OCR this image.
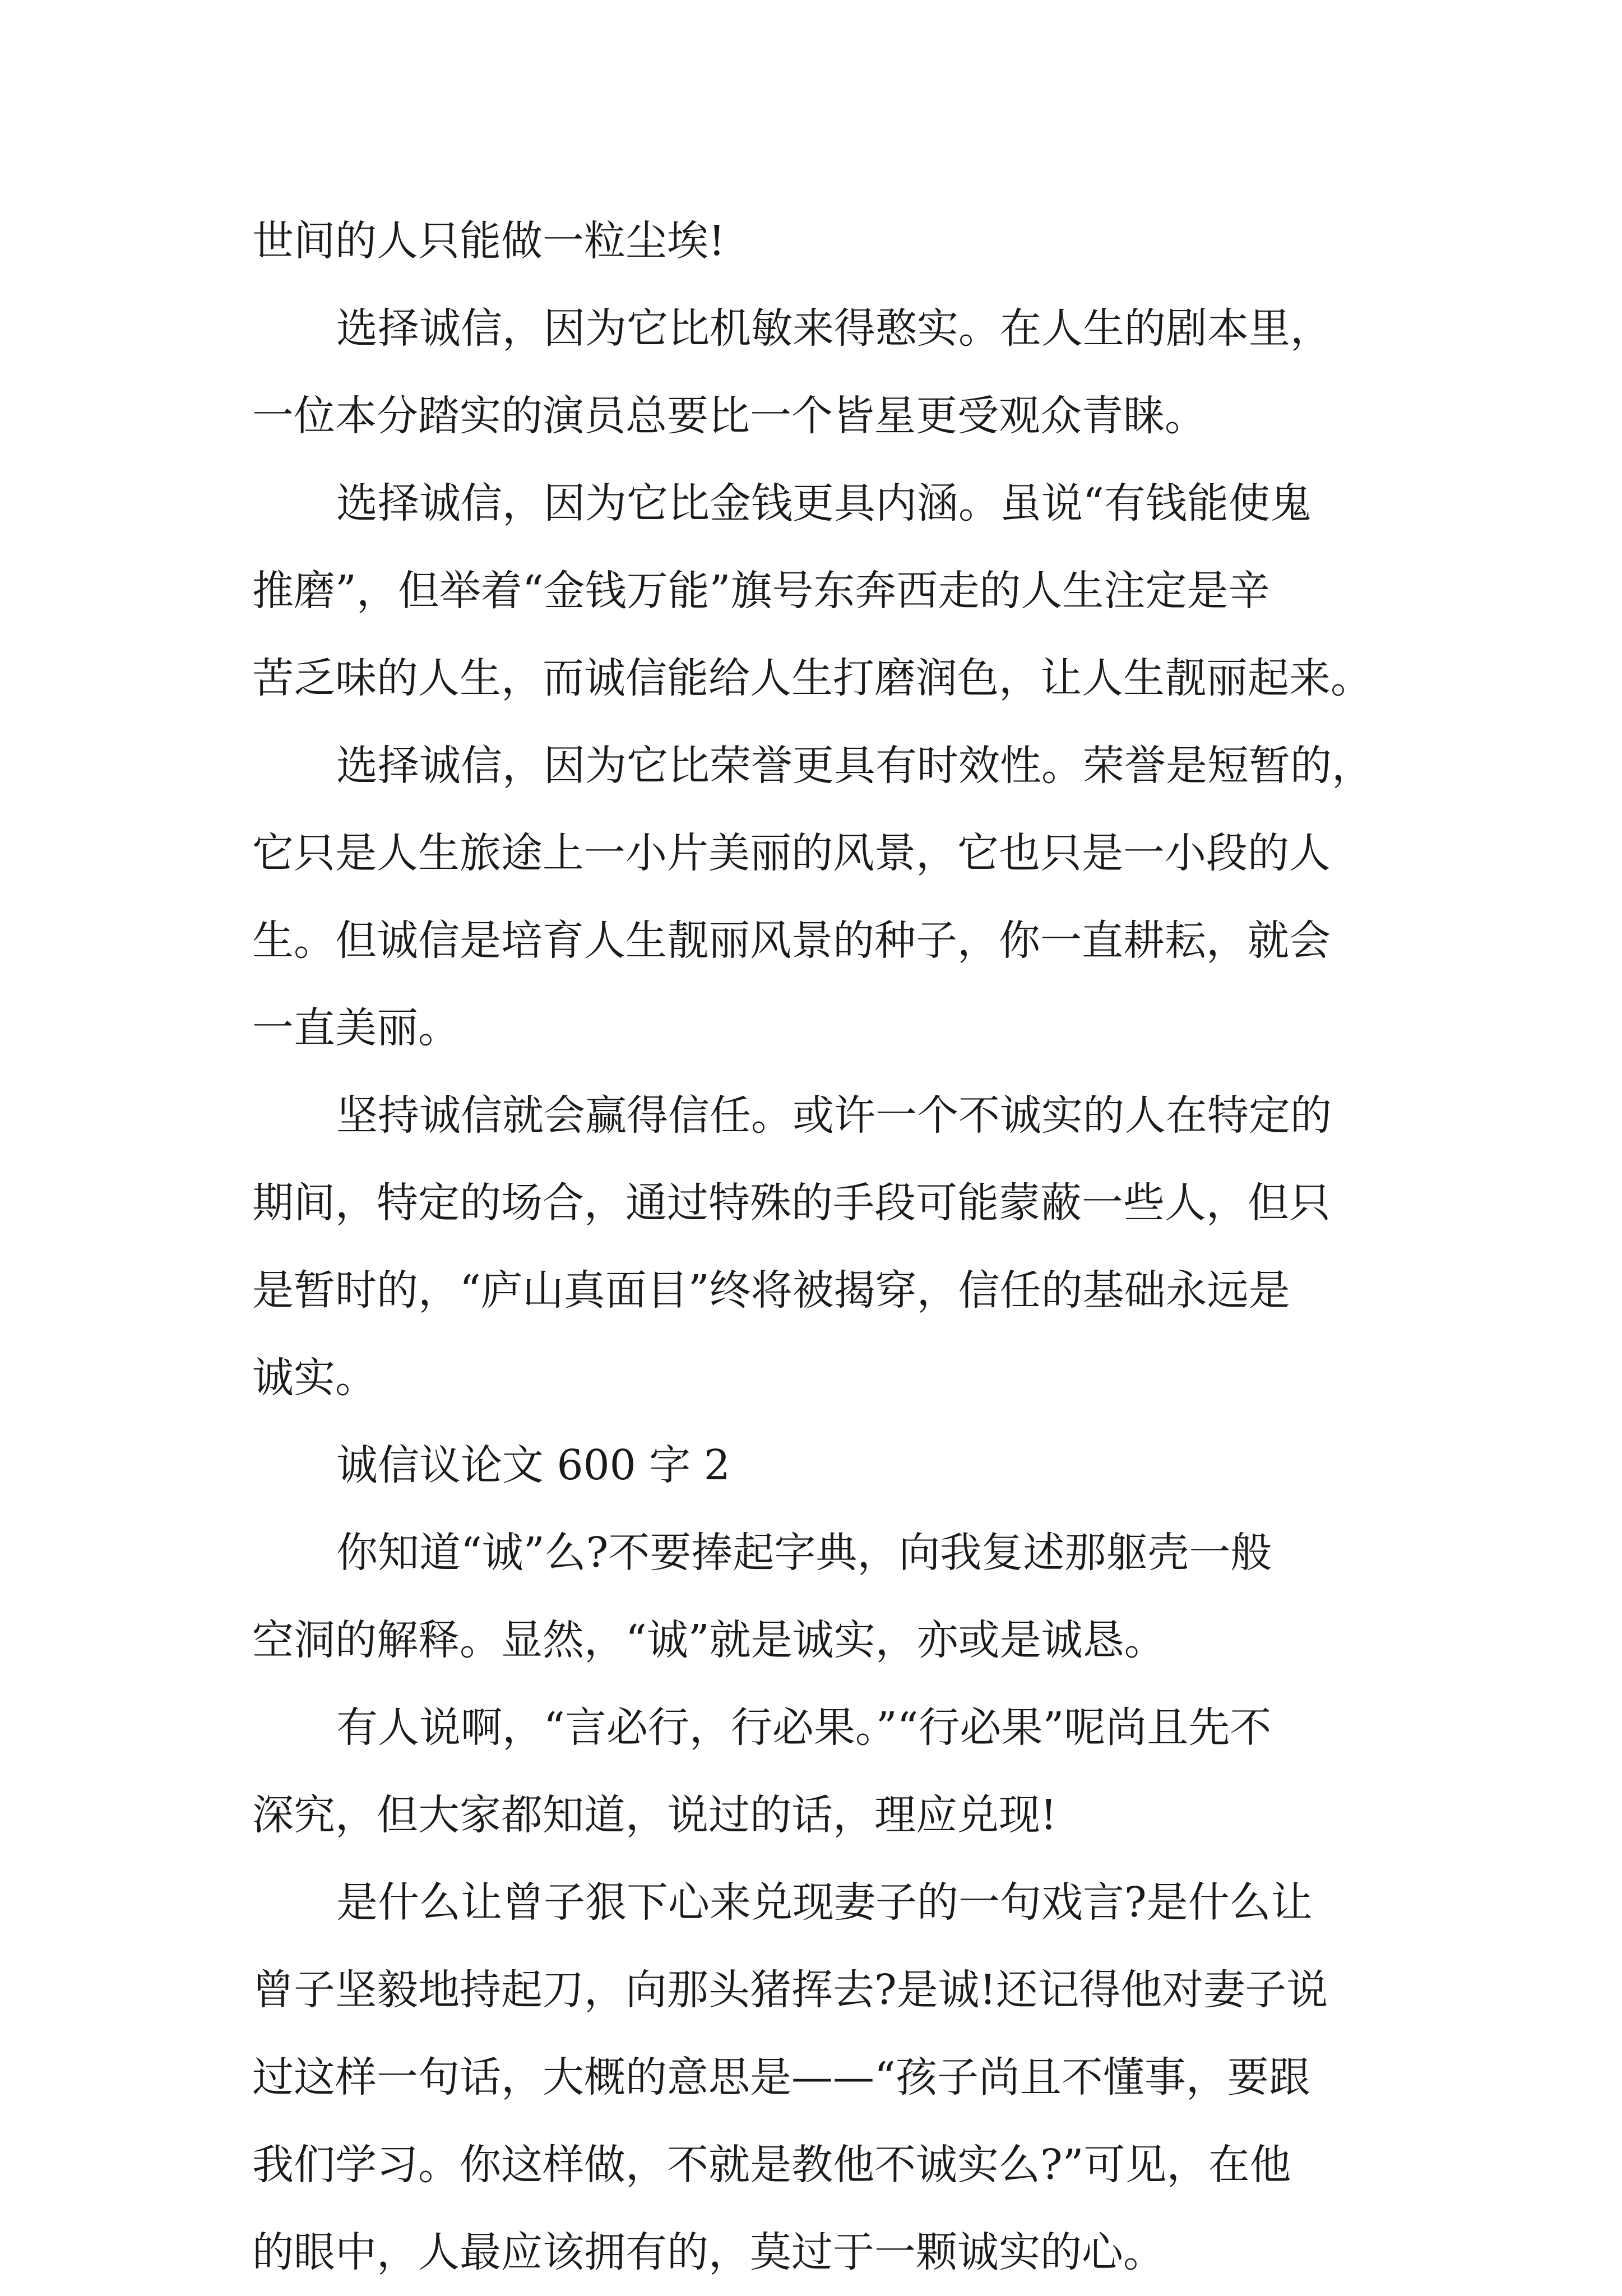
世间的人只能做一粒尘埃!
选择诚信，因为它比机敏来得憨实。在人生的剧本里，
一位本分踏实的演员总要比一个皆星更受观众青睐。
选择诚信，因为它比金钱更具内涵。虽说“有钱能使鬼
推磨”，但举着“金钱万能”旗号东奔西走的人生注定是辛
苦乏味的人生，而诚信能给人生打磨润色，让人生靓丽起来。
选择诚信，因为它比荣誉更具有时效性。荣誉是短暂的，
它只是人生旅途上一小片美丽的风景，它也只是一小段的人
生。但诚信是培育人生靓丽风景的种子，你一直耕耘，就会
一直美丽。
坚持诚信就会赢得信任。或许一个不诚实的人在特定的
期间，特定的场合，通过特殊的手段可能蒙蔽一些人，但只
是暂时的，“庐山真面目”终将被揭穿，信任的基础永远是
诚实。
诚信议论文 600 字 2
你知道“诚”么?不要捧起字典，向我复述那躯壳一般
空洞的解释。显然，“诚”就是诚实，亦或是诚恳。
有人说啊，“言必行，行必果。”“行必果”呢尚且先不
深究，但大家都知道，说过的话，理应兑现!
是什么让曾子狠下心来兑现妻子的一句戏言?是什么让
曾子坚毅地持起刀，向那头猪挥去?是诚!还记得他对妻子说
过这样一句话，大概的意思是——“孩子尚且不懂事，要跟
我们学习。你这样做，不就是教他不诚实么?”可见，在他
的眼中，人最应该拥有的，莫过于一颗诚实的心。
